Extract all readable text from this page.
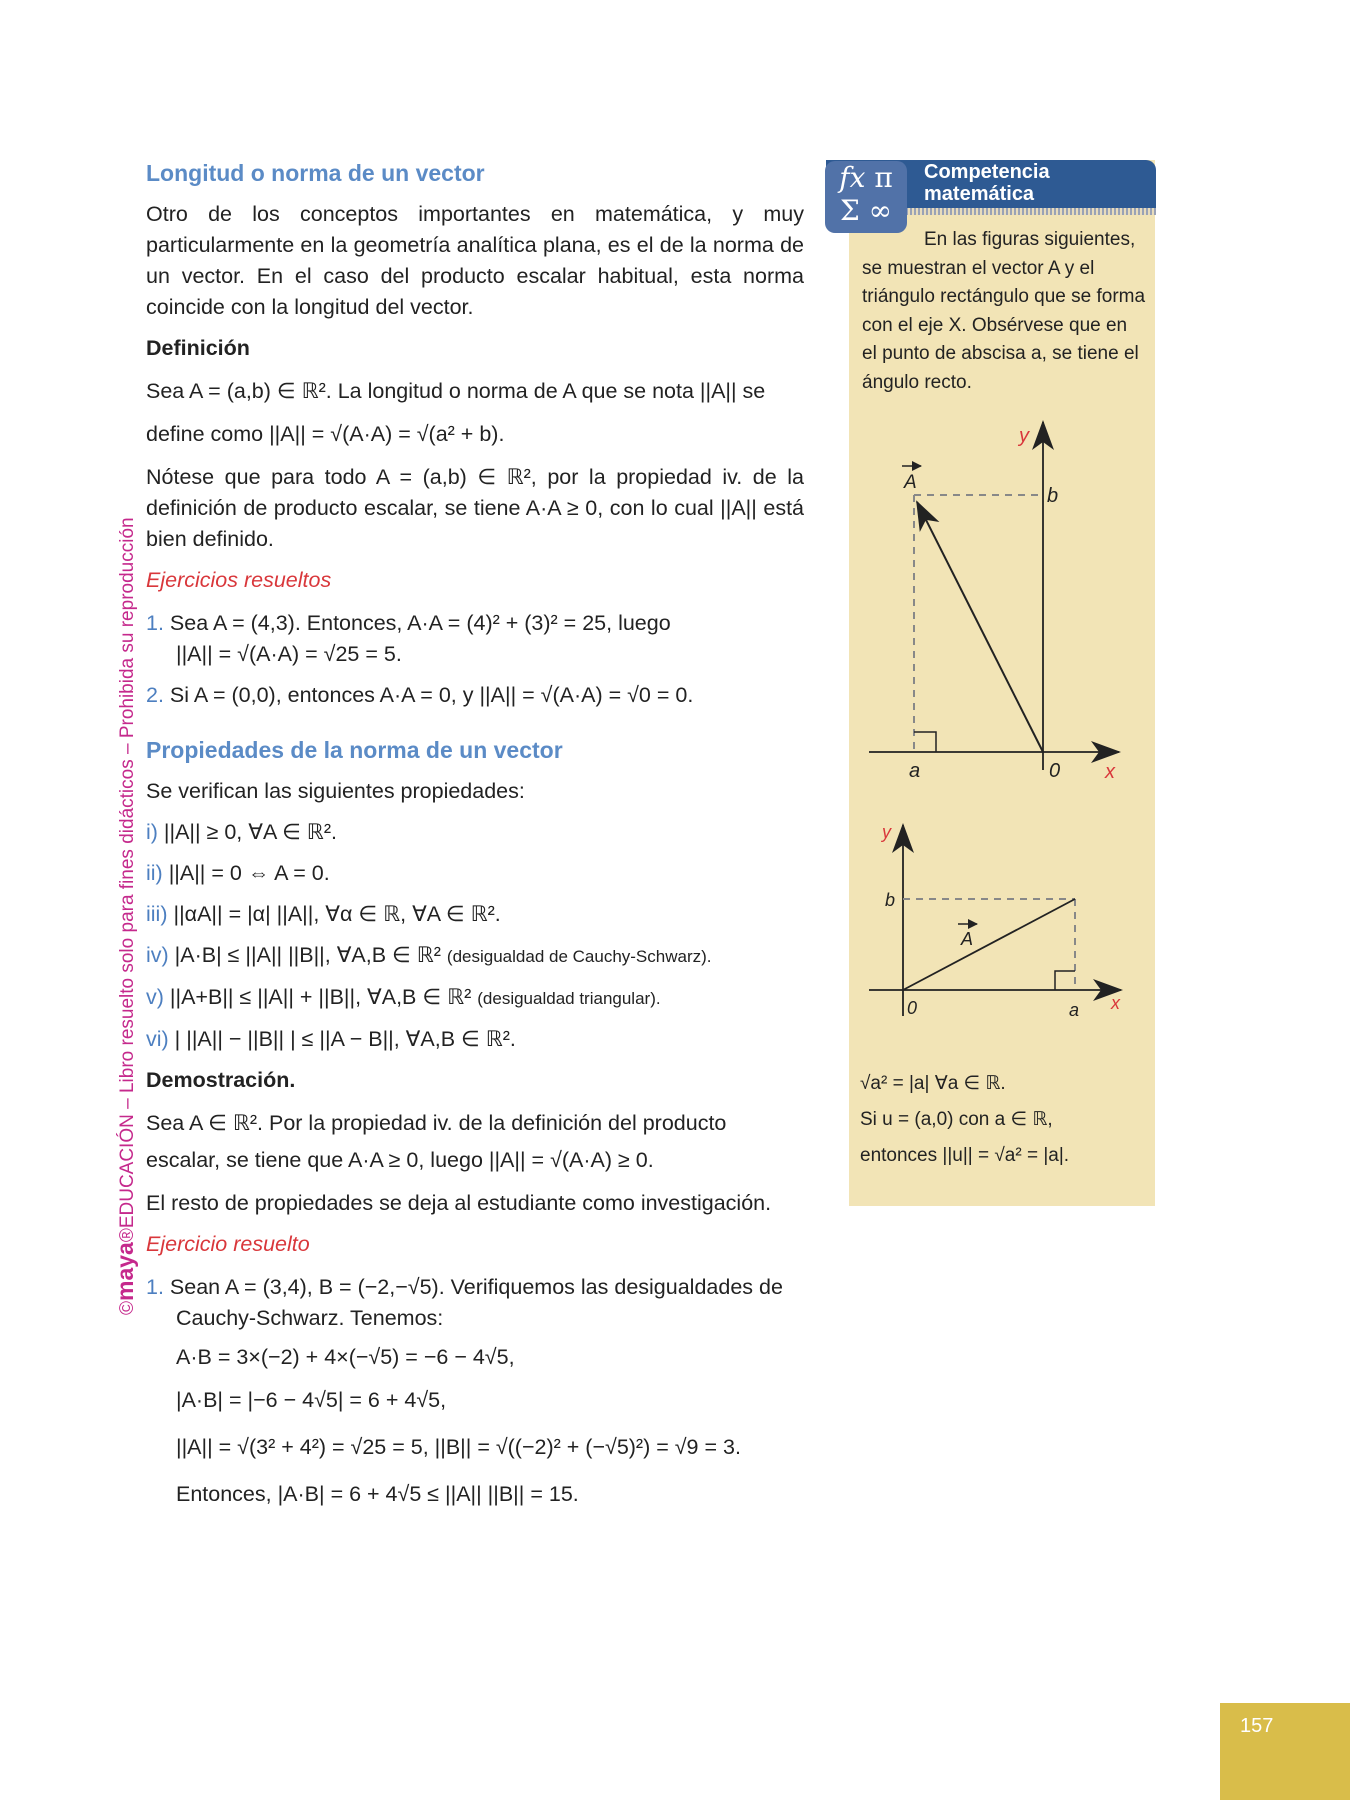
©maya®EDUCACIÓN – Libro resuelto solo para fines didácticos – Prohibida su reproducción
Longitud o norma de un vector
Otro de los conceptos importantes en matemática, y muy particularmente en la geometría analítica plana, es el de la norma de un vector. En el caso del producto escalar habitual, esta norma coincide con la longitud del vector.
Definición
Sea A = (a,b) ∈ ℝ². La longitud o norma de A que se nota ||A|| se
define como ||A|| = √(A·A) = √(a² + b).
Nótese que para todo A = (a,b) ∈ ℝ², por la propiedad iv. de la definición de producto escalar, se tiene A·A ≥ 0, con lo cual ||A|| está bien definido.
Ejercicios resueltos
1. Sea A = (4,3). Entonces, A·A = (4)² + (3)² = 25, luego
||A|| = √(A·A) = √25 = 5.
2. Si A = (0,0), entonces A·A = 0, y ||A|| = √(A·A) = √0 = 0.
Propiedades de la norma de un vector
Se verifican las siguientes propiedades:
i) ||A|| ≥ 0, ∀A ∈ ℝ².
ii) ||A|| = 0 ⇔ A = 0.
iii) ||αA|| = |α| ||A||, ∀α ∈ ℝ, ∀A ∈ ℝ².
iv) |A·B| ≤ ||A|| ||B||, ∀A,B ∈ ℝ² (desigualdad de Cauchy-Schwarz).
v) ||A+B|| ≤ ||A|| + ||B||, ∀A,B ∈ ℝ² (desigualdad triangular).
vi) | ||A|| − ||B|| | ≤ ||A − B||, ∀A,B ∈ ℝ².
Demostración.
Sea A ∈ ℝ². Por la propiedad iv. de la definición del producto
escalar, se tiene que A·A ≥ 0, luego ||A|| = √(A·A) ≥ 0.
El resto de propiedades se deja al estudiante como investigación.
Ejercicio resuelto
1. Sean A = (3,4), B = (−2,−√5). Verifiquemos las desigualdades de
Cauchy-Schwarz. Tenemos:
A·B = 3×(−2) + 4×(−√5) = −6 − 4√5,
|A·B| = |−6 − 4√5| = 6 + 4√5,
||A|| = √(3² + 4²) = √25 = 5, ||B|| = √((−2)² + (−√5)²) = √9 = 3.
Entonces, |A·B| = 6 + 4√5 ≤ ||A|| ||B|| = 15.
𝑓𝑥 π
Σ ∞
Competencia
matemática
En las figuras siguientes,
se muestran el vector A y el triángulo rectángulo que se forma con el eje X. Obsérvese que en el punto de abscisa a, se tiene el ángulo recto.
y
x
b
a	0
A
y
x
b
a
0
A
√a² = |a| ∀a ∈ ℝ.
Si u = (a,0) con a ∈ ℝ,
entonces ||u|| = √a² = |a|.
157
